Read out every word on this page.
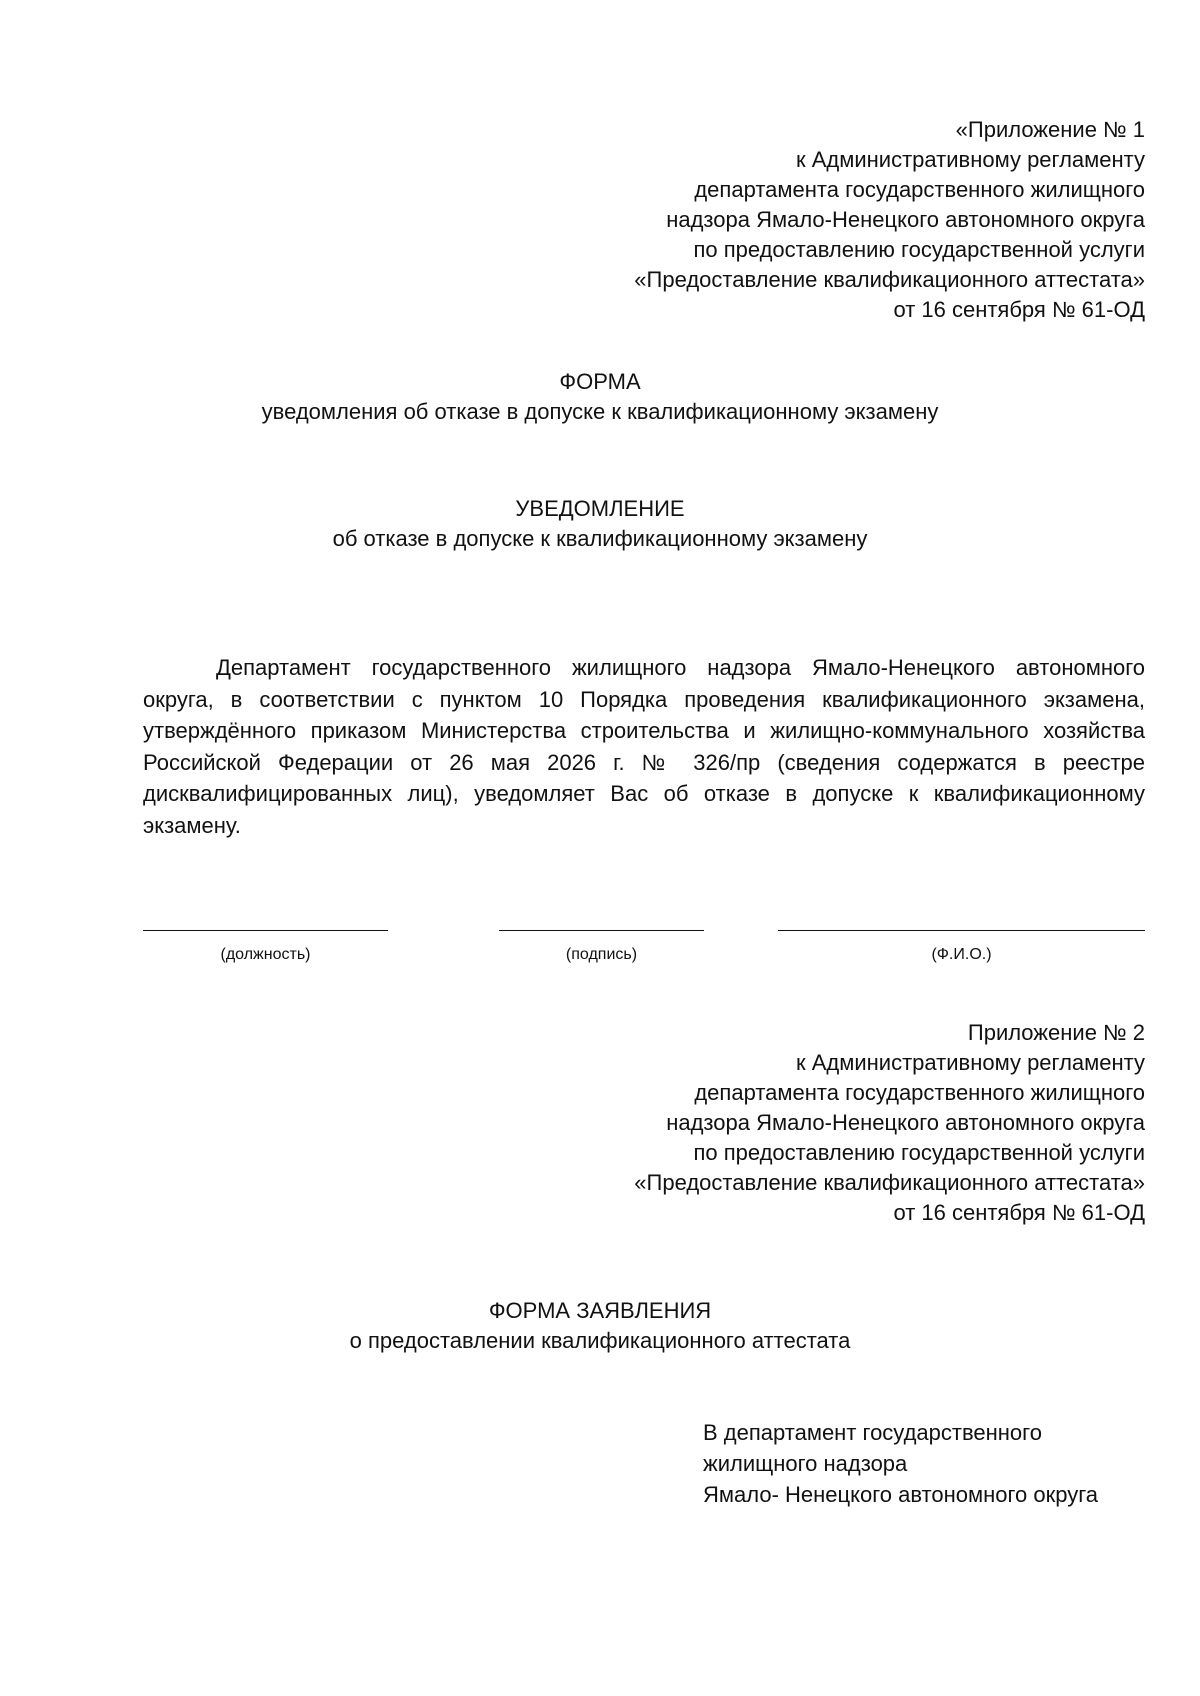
«Приложение № 1
к Административному регламенту
департамента государственного жилищного
надзора Ямало-Ненецкого автономного округа
по предоставлению государственной услуги
«Предоставление квалификационного аттестата»
от 16 сентября № 61-ОД
ФОРМА
уведомления об отказе в допуске к квалификационному экзамену
УВЕДОМЛЕНИЕ
об отказе в допуске к квалификационному экзамену

Департамент государственного жилищного надзора Ямало-Ненецкого автономного округа, в соответствии с пунктом 10 Порядка проведения квалификационного экзамена, утверждённого приказом Министерства строительства и жилищно-коммунального хозяйства Российской Федерации от 26 мая 2026 г. № 326/пр (сведения содержатся в реестре дисквалифицированных лиц), уведомляет Вас об отказе в допуске к квалификационному экзамену.

(должность)	(подпись)	(Ф.И.О.)
Приложение № 2
к Административному регламенту
департамента государственного жилищного
надзора Ямало-Ненецкого автономного округа
по предоставлению государственной услуги
«Предоставление квалификационного аттестата»
от 16 сентября № 61-ОД
ФОРМА ЗАЯВЛЕНИЯ
о предоставлении квалификационного аттестата
В департамент государственного
жилищного надзора
Ямало- Ненецкого автономного округа
